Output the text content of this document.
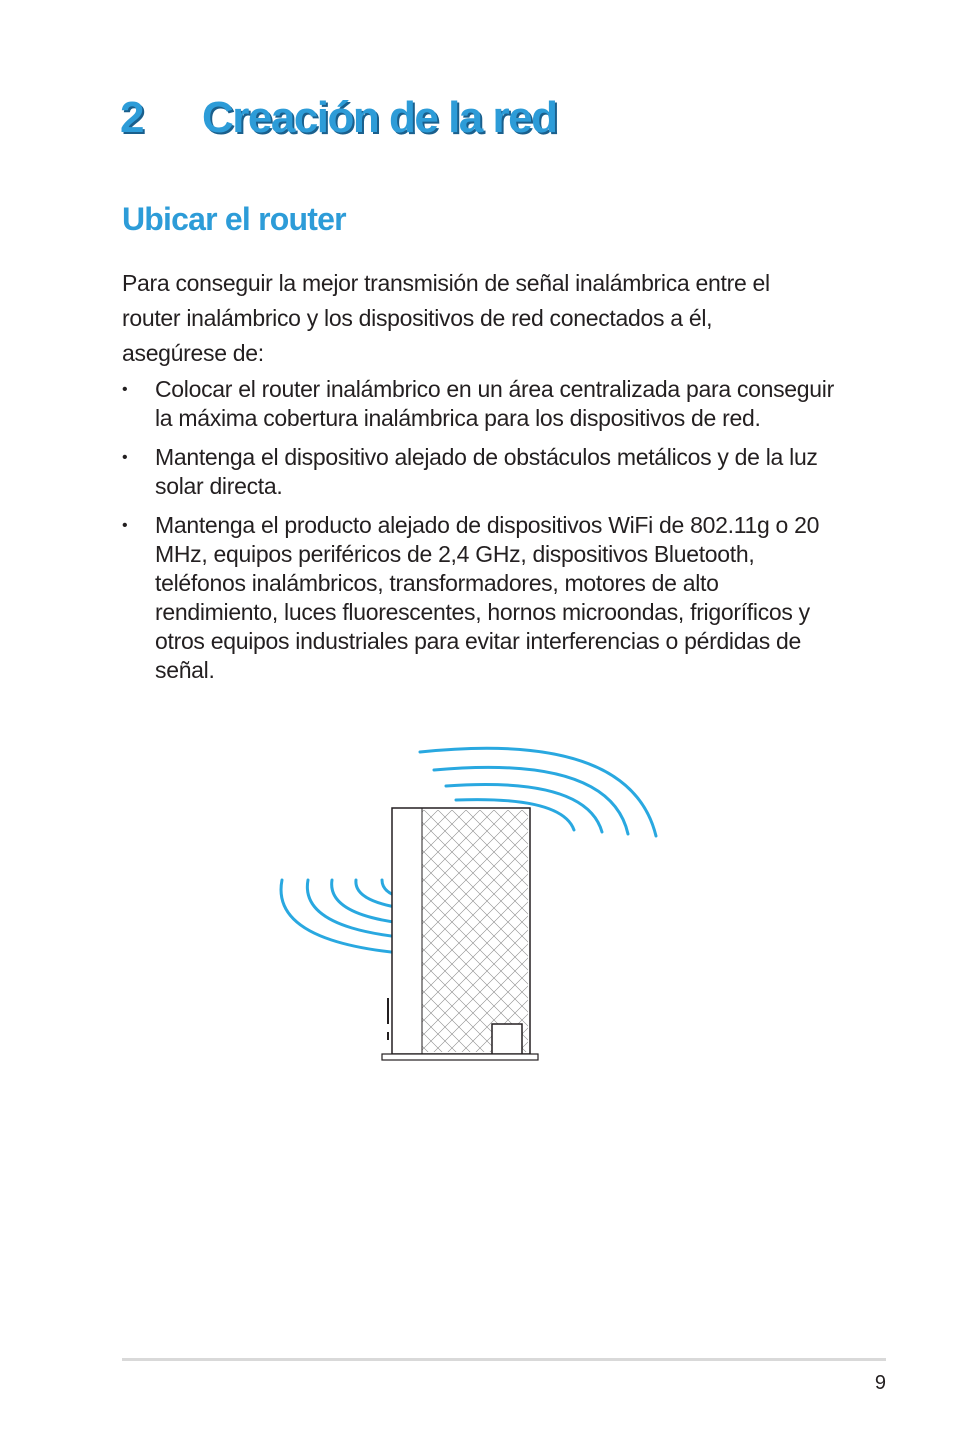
2 Creación de la red
Ubicar el router

Para conseguir la mejor transmisión de señal inalámbrica entre el router inalámbrico y los dispositivos de red conectados a él, asegúrese de:

• Colocar el router inalámbrico en un área centralizada para conseguir la máxima cobertura inalámbrica para los dispositivos de red.
• Mantenga el dispositivo alejado de obstáculos metálicos y de la luz solar directa.
• Mantenga el producto alejado de dispositivos WiFi de 802.11g o 20 MHz, equipos periféricos de 2,4 GHz, dispositivos Bluetooth, teléfonos inalámbricos, transformadores, motores de alto rendimiento, luces fluorescentes, hornos microondas, frigoríficos y otros equipos industriales para evitar interferencias o pérdidas de señal.
9
